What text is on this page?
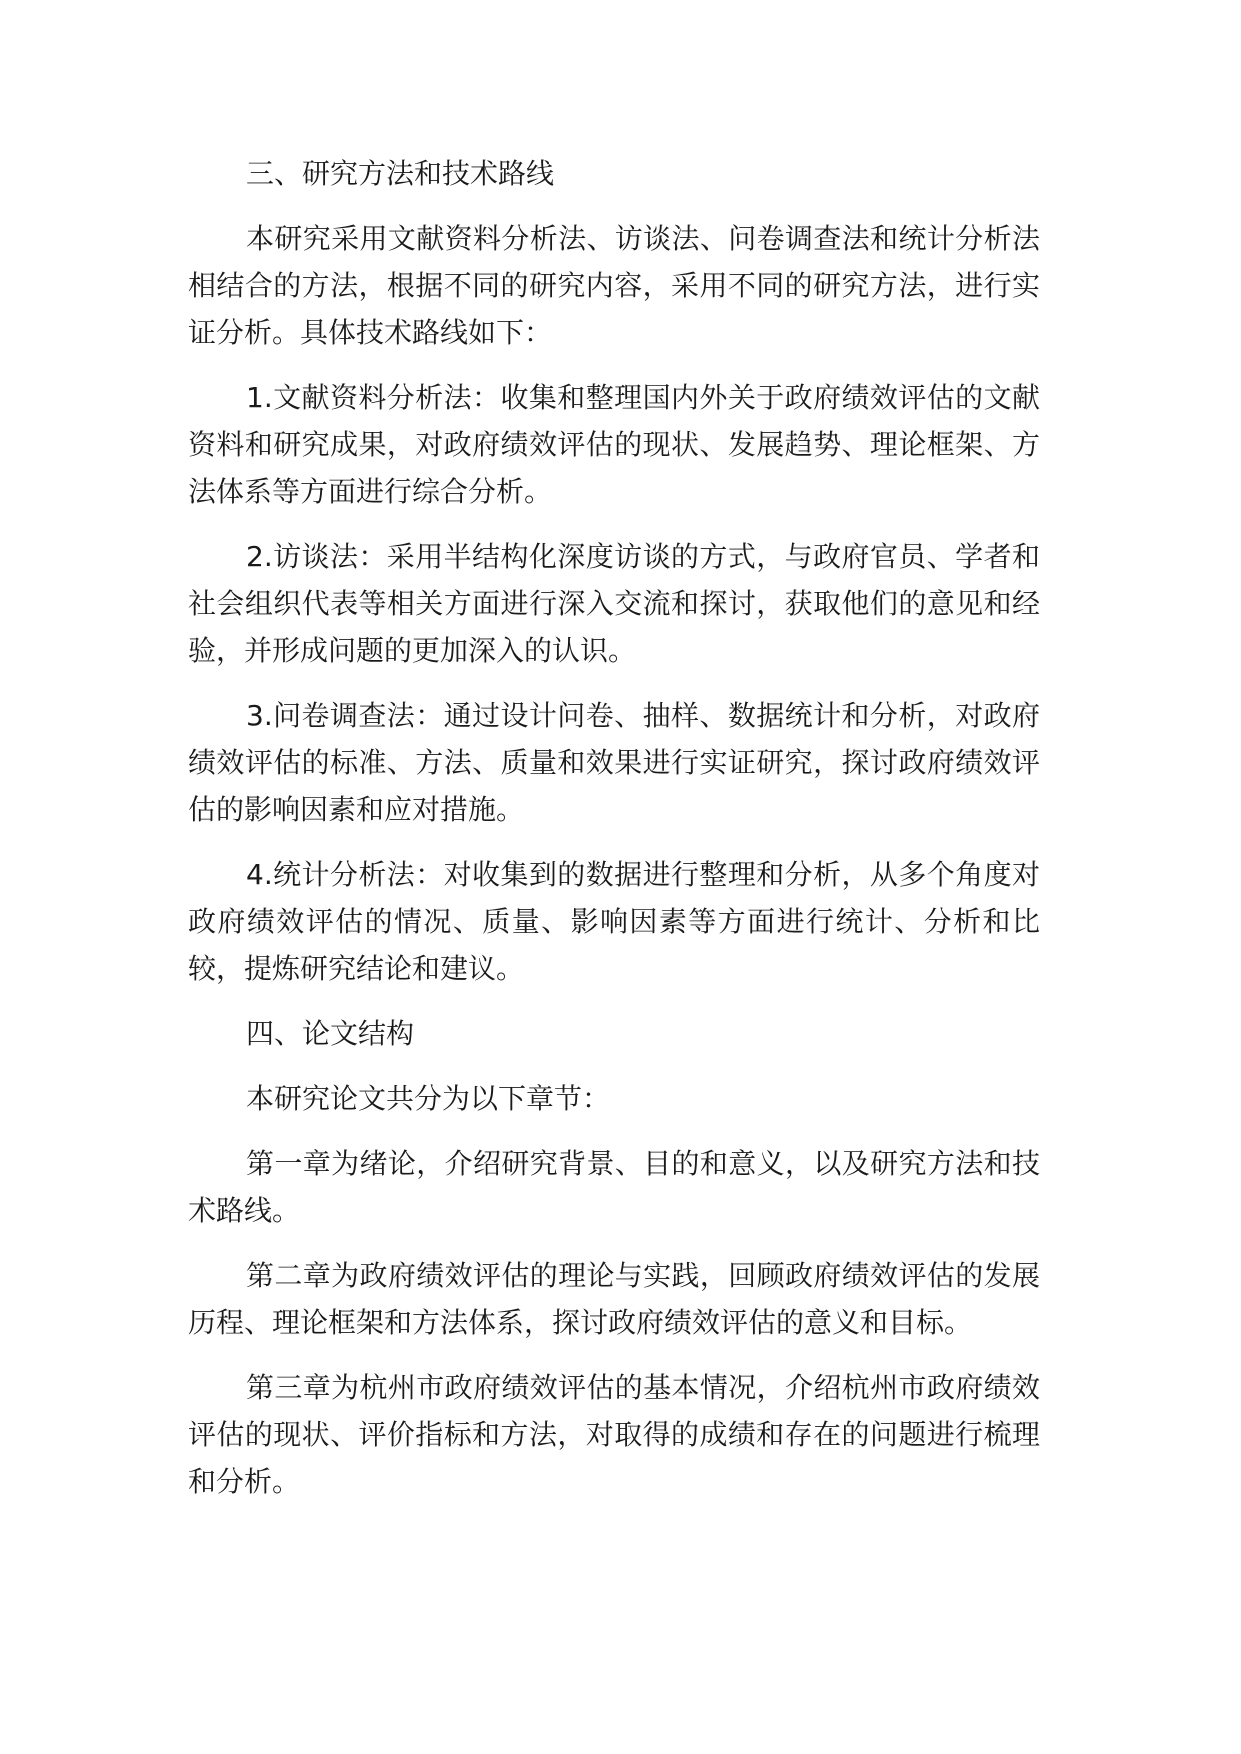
三、研究方法和技术路线
本研究采用文献资料分析法、访谈法、问卷调查法和统计分析法相结合的方法，根据不同的研究内容，采用不同的研究方法，进行实证分析。具体技术路线如下：
1.文献资料分析法：收集和整理国内外关于政府绩效评估的文献资料和研究成果，对政府绩效评估的现状、发展趋势、理论框架、方法体系等方面进行综合分析。
2.访谈法：采用半结构化深度访谈的方式，与政府官员、学者和社会组织代表等相关方面进行深入交流和探讨，获取他们的意见和经验，并形成问题的更加深入的认识。
3.问卷调查法：通过设计问卷、抽样、数据统计和分析，对政府绩效评估的标准、方法、质量和效果进行实证研究，探讨政府绩效评估的影响因素和应对措施。
4.统计分析法：对收集到的数据进行整理和分析，从多个角度对政府绩效评估的情况、质量、影响因素等方面进行统计、分析和比较，提炼研究结论和建议。
四、论文结构
本研究论文共分为以下章节：
第一章为绪论，介绍研究背景、目的和意义，以及研究方法和技术路线。
第二章为政府绩效评估的理论与实践，回顾政府绩效评估的发展历程、理论框架和方法体系，探讨政府绩效评估的意义和目标。
第三章为杭州市政府绩效评估的基本情况，介绍杭州市政府绩效评估的现状、评价指标和方法，对取得的成绩和存在的问题进行梳理和分析。
